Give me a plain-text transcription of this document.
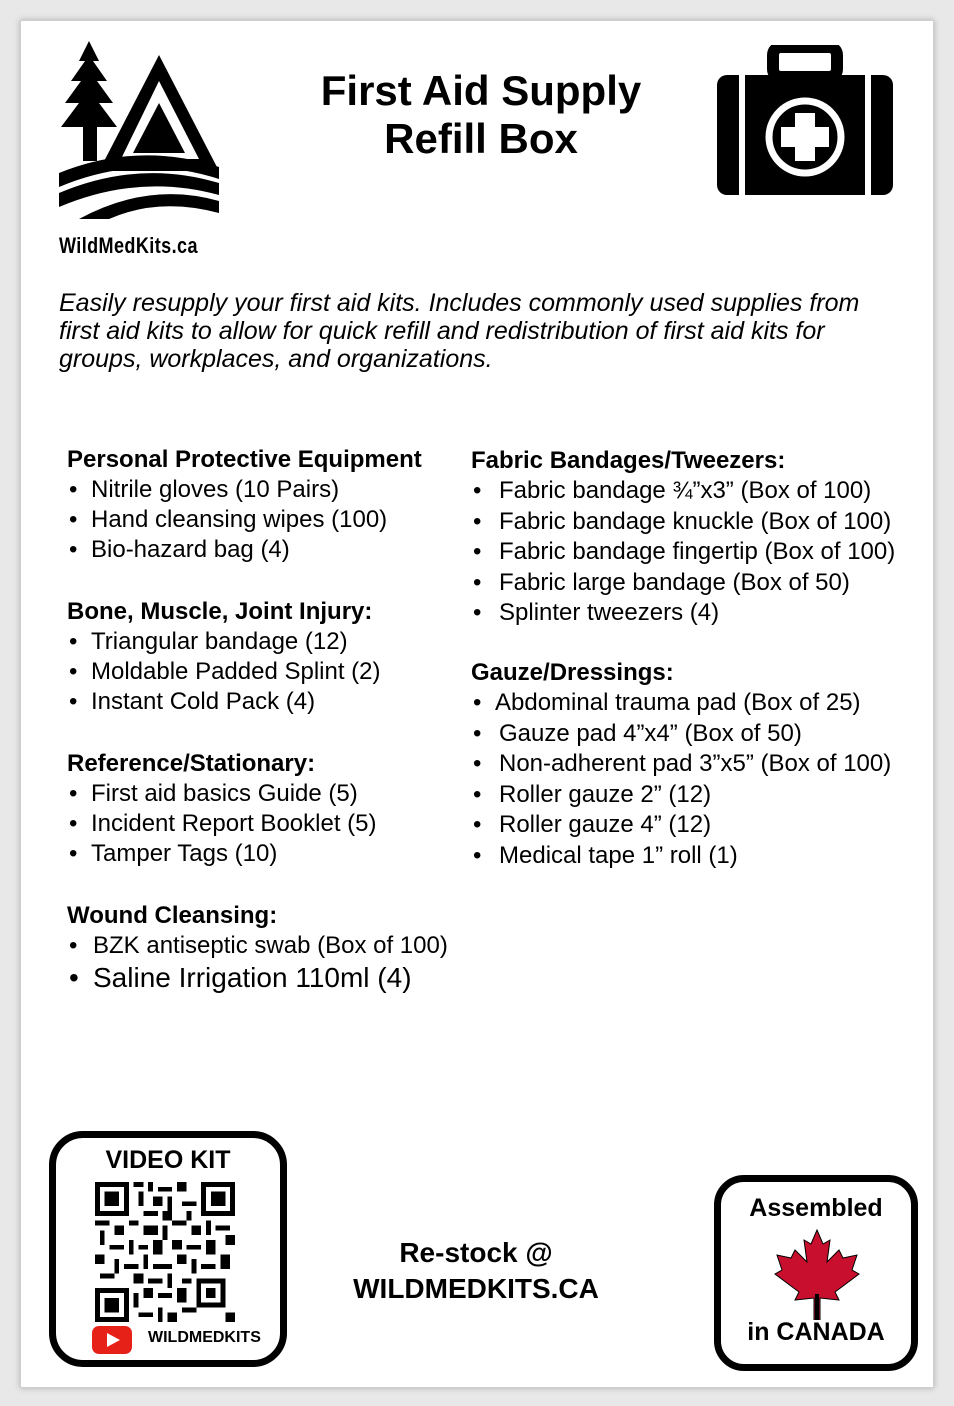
WildMedKits.ca
First Aid Supply
Refill Box
Easily resupply your first aid kits. Includes commonly used supplies from first aid kits to allow for quick refill and redistribution of first aid kits for groups, workplaces, and organizations.
Personal Protective Equipment
• Nitrile gloves (10 Pairs)
• Hand cleansing wipes (100)
• Bio-hazard bag (4)
Bone, Muscle, Joint Injury:
• Triangular bandage (12)
• Moldable Padded Splint (2)
• Instant Cold Pack (4)
Reference/Stationary:
• First aid basics Guide (5)
• Incident Report Booklet (5)
• Tamper Tags (10)
Wound Cleansing:
• BZK antiseptic swab (Box of 100)
• Saline Irrigation 110ml (4)
Fabric Bandages/Tweezers:
• Fabric bandage ¾”x3” (Box of 100)
• Fabric bandage knuckle (Box of 100)
• Fabric bandage fingertip (Box of 100)
• Fabric large bandage (Box of 50)
• Splinter tweezers (4)
Gauze/Dressings:
• Abdominal trauma pad (Box of 25)
• Gauze pad 4”x4” (Box of 50)
• Non-adherent pad 3”x5” (Box of 100)
• Roller gauze 2” (12)
• Roller gauze 4” (12)
• Medical tape 1” roll (1)
VIDEO KIT
WILDMEDKITS
Re-stock @
WILDMEDKITS.CA
Assembled
in CANADA
